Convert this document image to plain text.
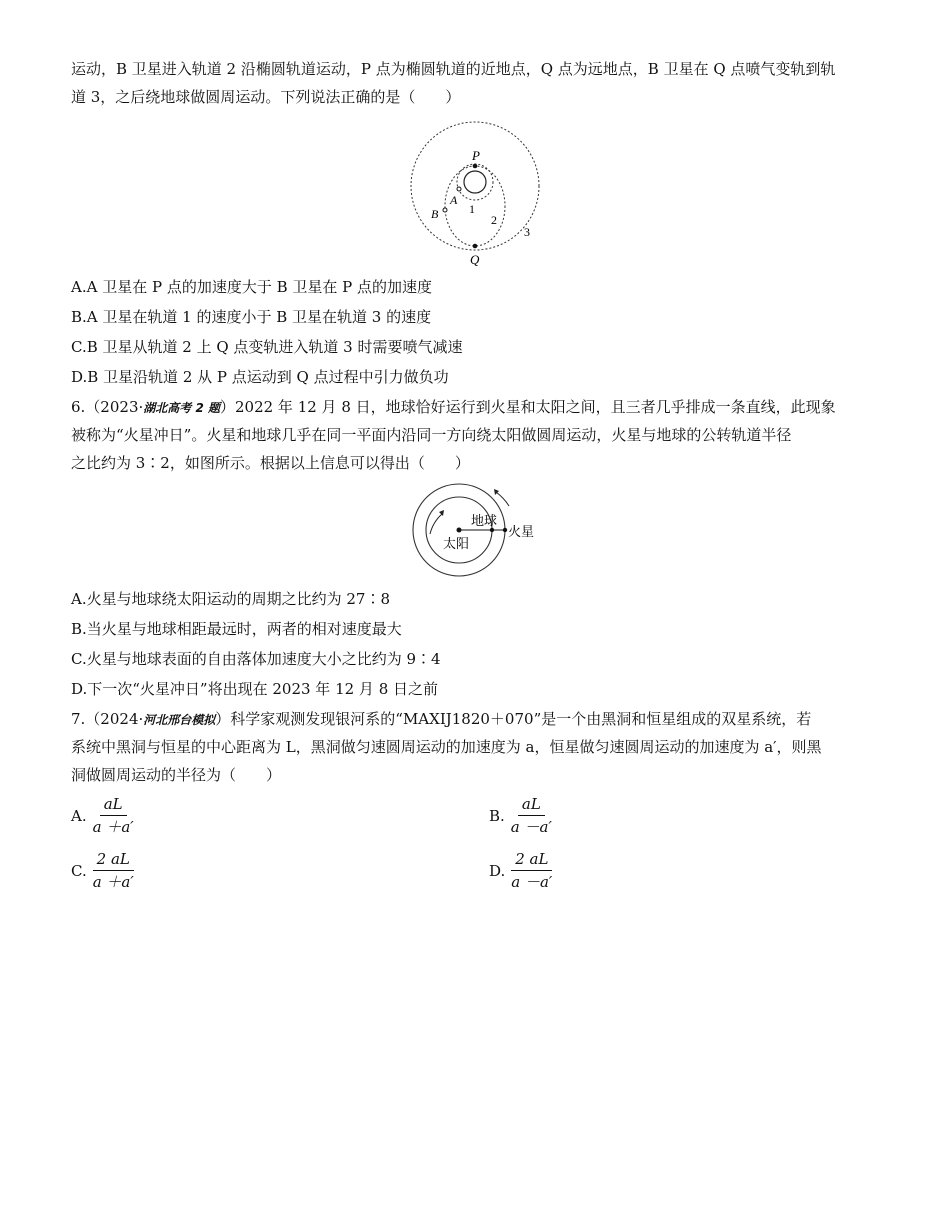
运动，B 卫星进入轨道 2 沿椭圆轨道运动，P 点为椭圆轨道的近地点，Q 点为远地点，B 卫星在 Q 点喷气变轨到轨
道 3，之后绕地球做圆周运动。下列说法正确的是（　　）
P
Q
A
B	1
2
3
A.A 卫星在 P 点的加速度大于 B 卫星在 P 点的加速度
B.A 卫星在轨道 1 的速度小于 B 卫星在轨道 3 的速度
C.B 卫星从轨道 2 上 Q 点变轨进入轨道 3 时需要喷气减速
D.B 卫星沿轨道 2 从 P 点运动到 Q 点过程中引力做负功
6.（2023·湖北高考 2 题）2022 年 12 月 8 日，地球恰好运行到火星和太阳之间，且三者几乎排成一条直线，此现象
被称为“火星冲日”。火星和地球几乎在同一平面内沿同一方向绕太阳做圆周运动，火星与地球的公转轨道半径
之比约为 3∶2，如图所示。根据以上信息可以得出（　　）
地球
太阳
火星
A.火星与地球绕太阳运动的周期之比约为 27∶8
B.当火星与地球相距最远时，两者的相对速度最大
C.火星与地球表面的自由落体加速度大小之比约为 9∶4
D.下一次“火星冲日”将出现在 2023 年 12 月 8 日之前
7.（2024·河北邢台模拟）科学家观测发现银河系的“MAXIJ1820＋070”是一个由黑洞和恒星组成的双星系统，若
系统中黑洞与恒星的中心距离为 L，黑洞做匀速圆周运动的加速度为 a，恒星做匀速圆周运动的加速度为 a′，则黑
洞做圆周运动的半径为（　　）
A. $\frac{aL}{a +a'}$	B. $\frac{aL}{a -a'}$
C. $\frac{2 aL}{a +a'}$	D. $\frac{2 aL}{a -a'}$
